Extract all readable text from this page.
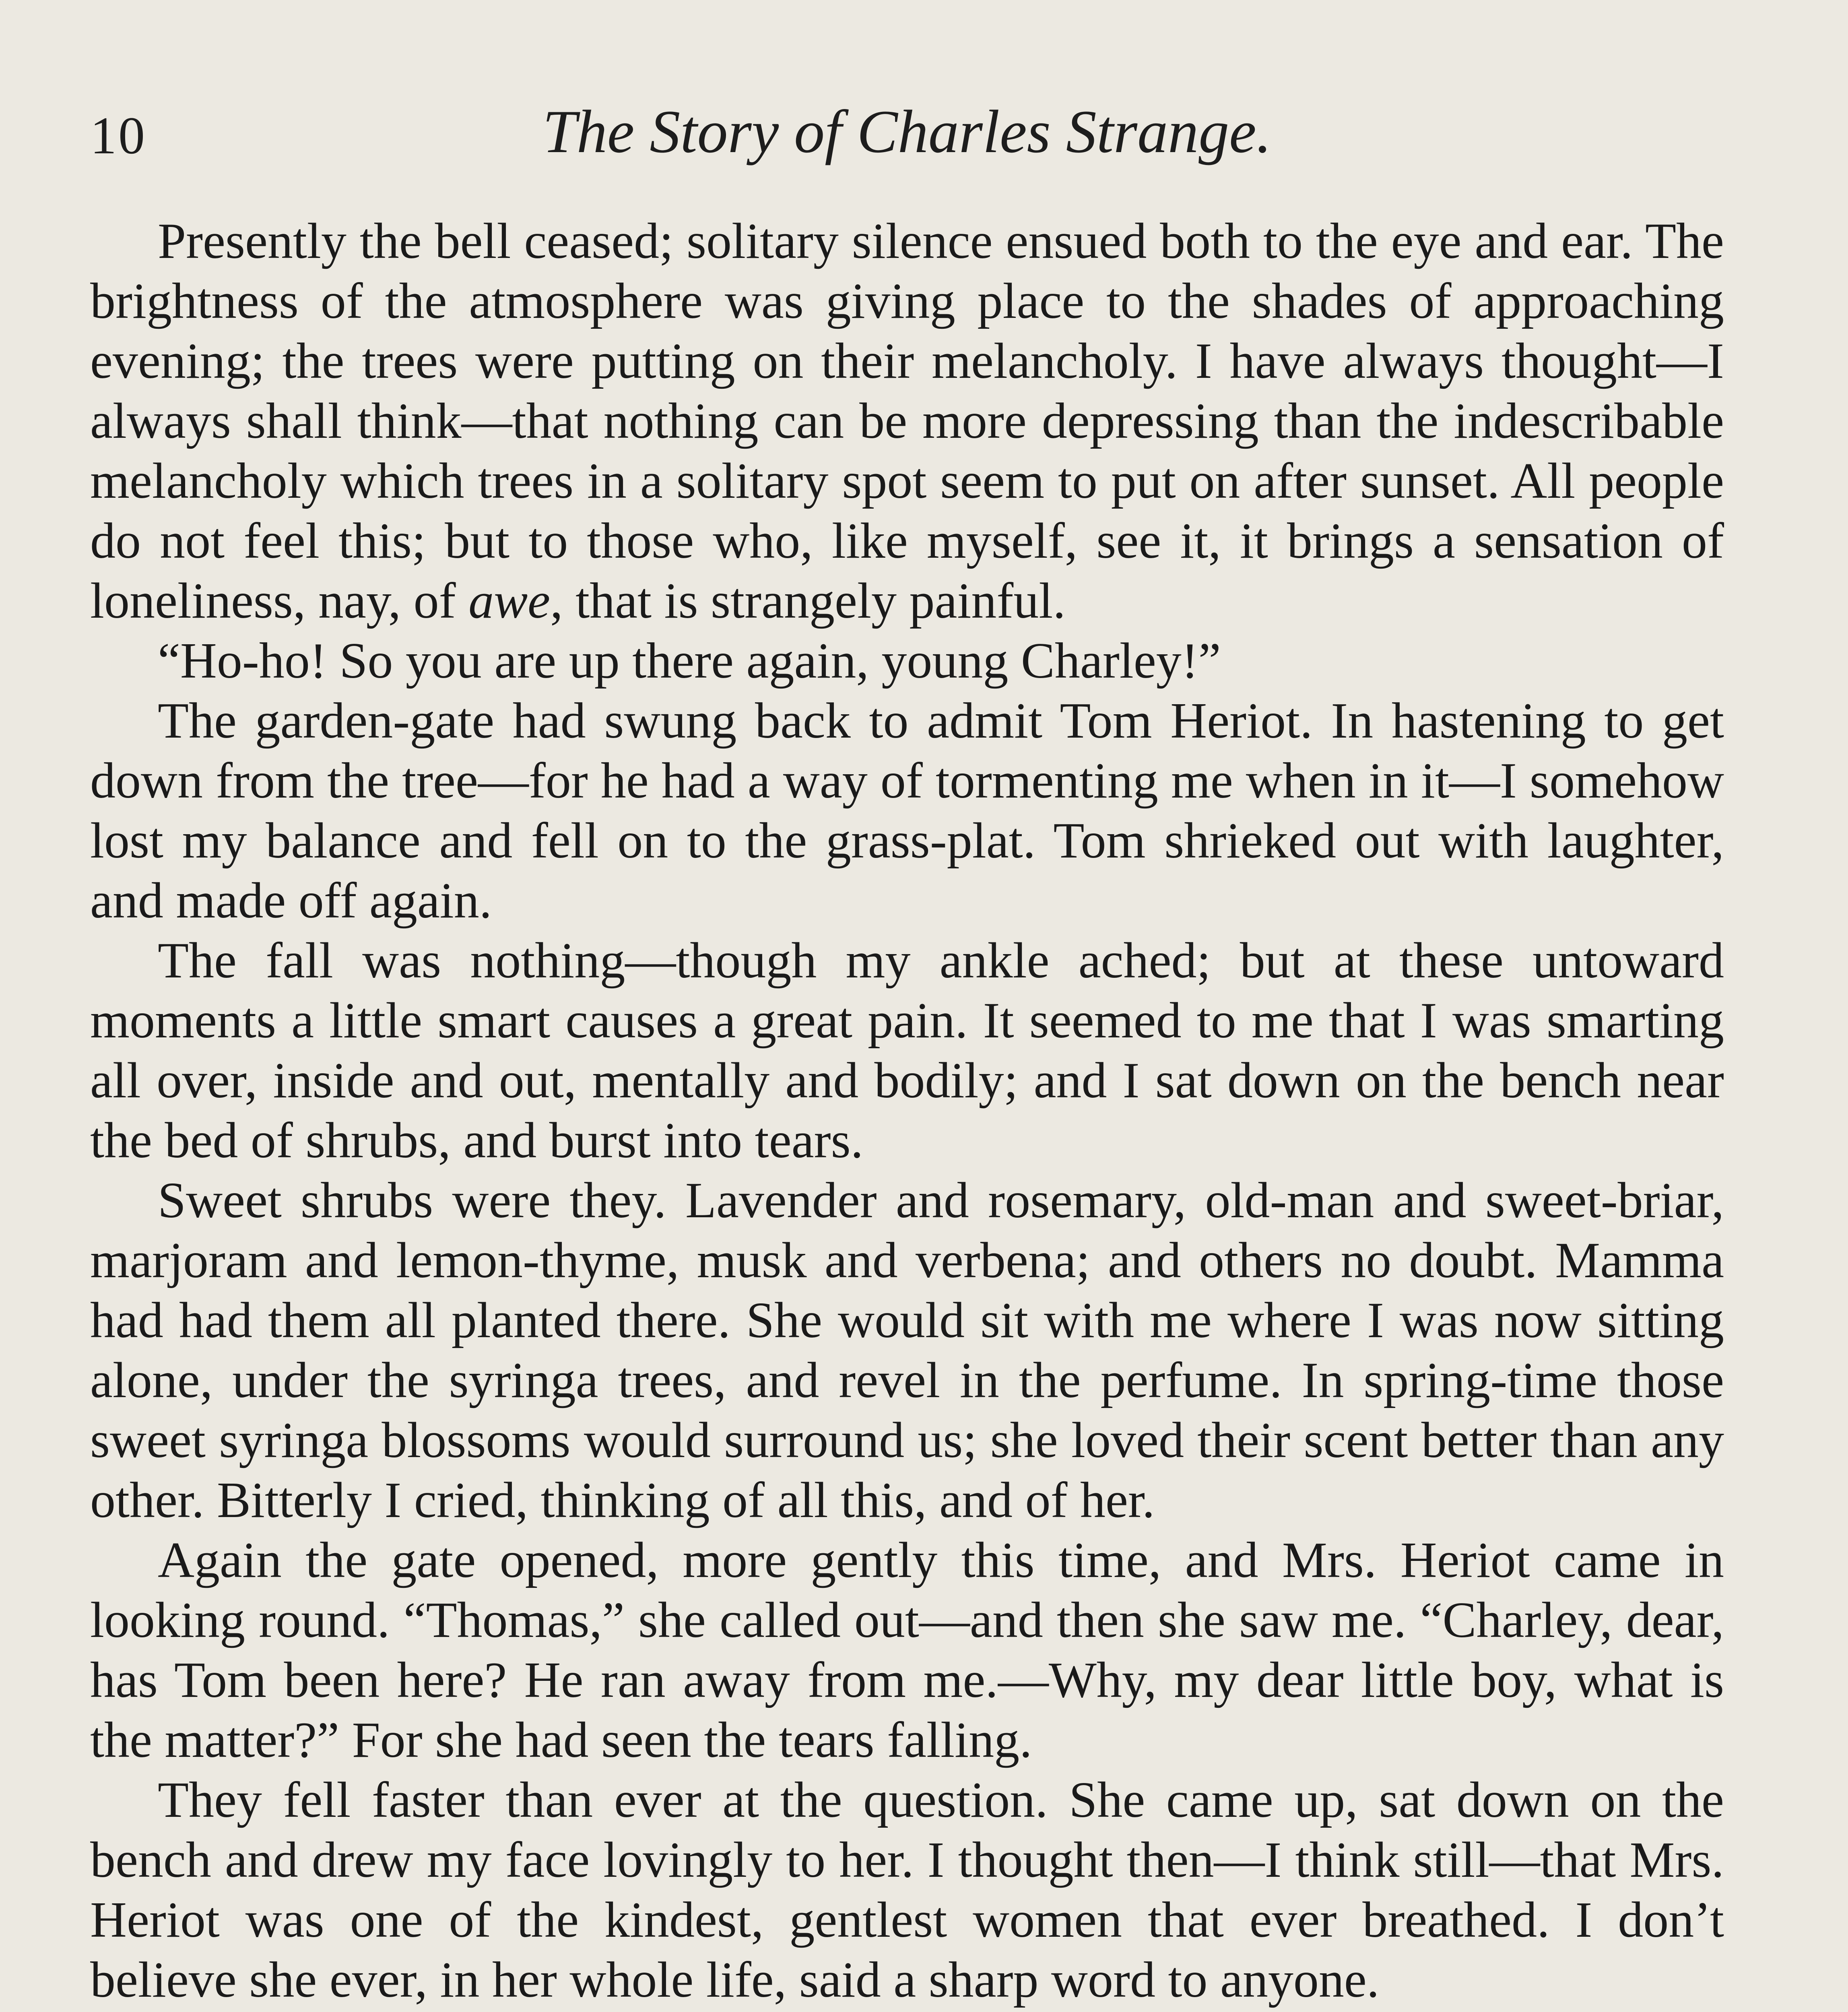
10	The Story of Charles Strange.

Presently the bell ceased; solitary silence ensued both to the eye and ear. The brightness of the atmosphere was giving place to the shades of approaching evening; the trees were putting on their melancholy. I have always thought—I always shall think—that nothing can be more depressing than the indescribable melancholy which trees in a solitary spot seem to put on after sunset. All people do not feel this; but to those who, like myself, see it, it brings a sensation of loneliness, nay, of awe, that is strangely painful.

“Ho-ho! So you are up there again, young Charley!”

The garden-gate had swung back to admit Tom Heriot. In hastening to get down from the tree—for he had a way of tormenting me when in it—I somehow lost my balance and fell on to the grass-plat. Tom shrieked out with laughter, and made off again.

The fall was nothing—though my ankle ached; but at these untoward moments a little smart causes a great pain. It seemed to me that I was smarting all over, inside and out, mentally and bodily; and I sat down on the bench near the bed of shrubs, and burst into tears.

Sweet shrubs were they. Lavender and rosemary, old-man and sweet-briar, marjoram and lemon-thyme, musk and verbena; and others no doubt. Mamma had had them all planted there. She would sit with me where I was now sitting alone, under the syringa trees, and revel in the perfume. In spring-time those sweet syringa blossoms would surround us; she loved their scent better than any other. Bitterly I cried, thinking of all this, and of her.

Again the gate opened, more gently this time, and Mrs. Heriot came in looking round. “Thomas,” she called out—and then she saw me. “Charley, dear, has Tom been here? He ran away from me.—Why, my dear little boy, what is the matter?” For she had seen the tears falling.

They fell faster than ever at the question. She came up, sat down on the bench and drew my face lovingly to her. I thought then—I think still—that Mrs. Heriot was one of the kindest, gentlest women that ever breathed. I don’t believe she ever, in her whole life, said a sharp word to anyone.
